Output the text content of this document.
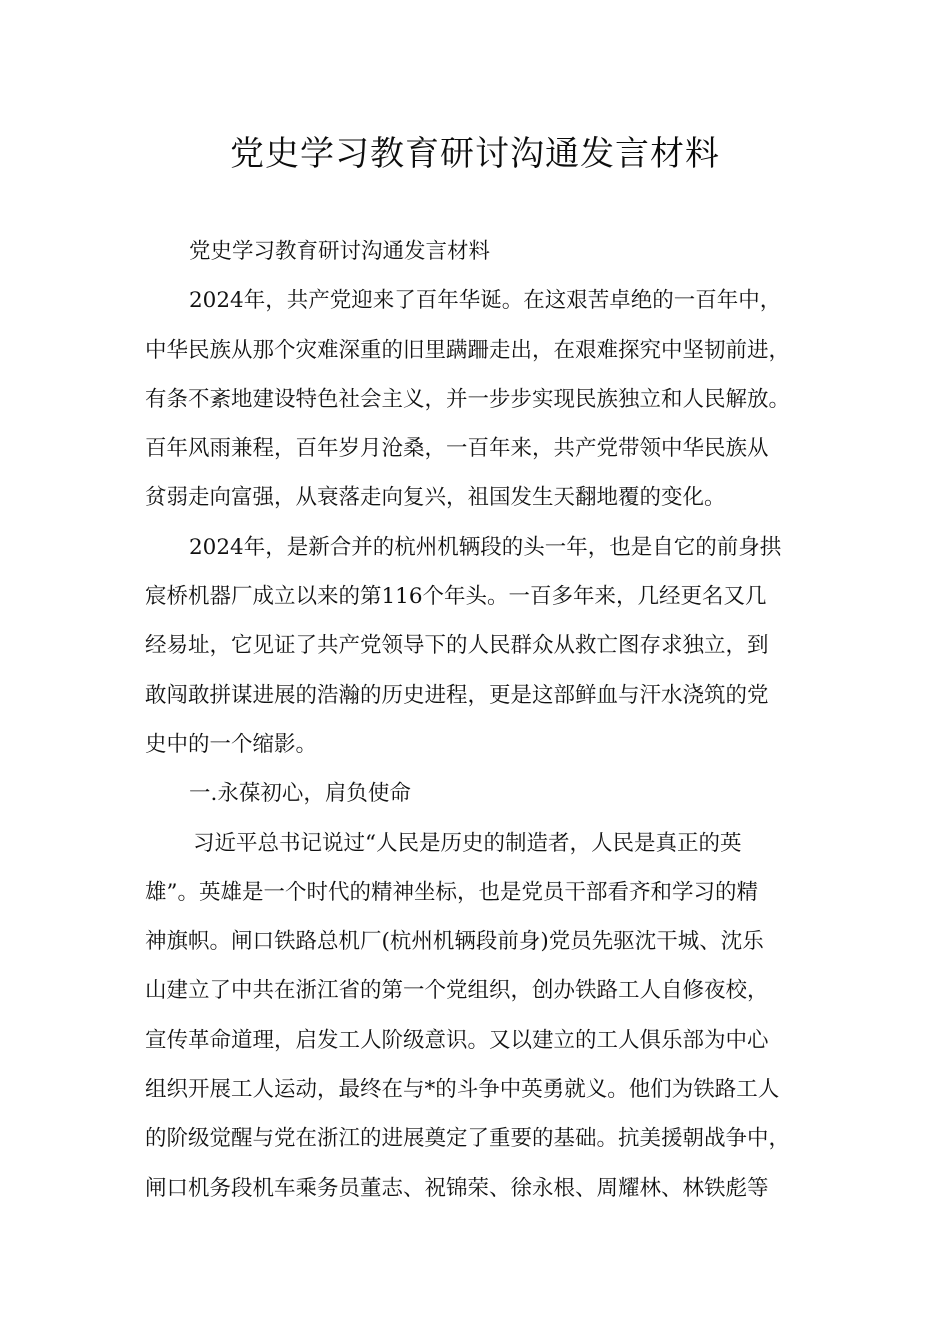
党史学习教育研讨沟通发言材料
党史学习教育研讨沟通发言材料
2024年，共产党迎来了百年华诞。在这艰苦卓绝的一百年中，
中华民族从那个灾难深重的旧里蹒跚走出，在艰难探究中坚韧前进，
有条不紊地建设特色社会主义，并一步步实现民族独立和人民解放。
百年风雨兼程，百年岁月沧桑，一百年来，共产党带领中华民族从
贫弱走向富强，从衰落走向复兴，祖国发生天翻地覆的变化。
2024年，是新合并的杭州机辆段的头一年，也是自它的前身拱
宸桥机器厂成立以来的第116个年头。一百多年来，几经更名又几
经易址，它见证了共产党领导下的人民群众从救亡图存求独立，到
敢闯敢拼谋进展的浩瀚的历史进程，更是这部鲜血与汗水浇筑的党
史中的一个缩影。
一.永葆初心，肩负使命
习近平总书记说过“人民是历史的制造者，人民是真正的英
雄”。英雄是一个时代的精神坐标，也是党员干部看齐和学习的精
神旗帜。闸口铁路总机厂(杭州机辆段前身)党员先驱沈干城、沈乐
山建立了中共在浙江省的第一个党组织，创办铁路工人自修夜校，
宣传革命道理，启发工人阶级意识。又以建立的工人俱乐部为中心
组织开展工人运动，最终在与*的斗争中英勇就义。他们为铁路工人
的阶级觉醒与党在浙江的进展奠定了重要的基础。抗美援朝战争中，
闸口机务段机车乘务员董志、祝锦荣、徐永根、周耀林、林铁彪等
